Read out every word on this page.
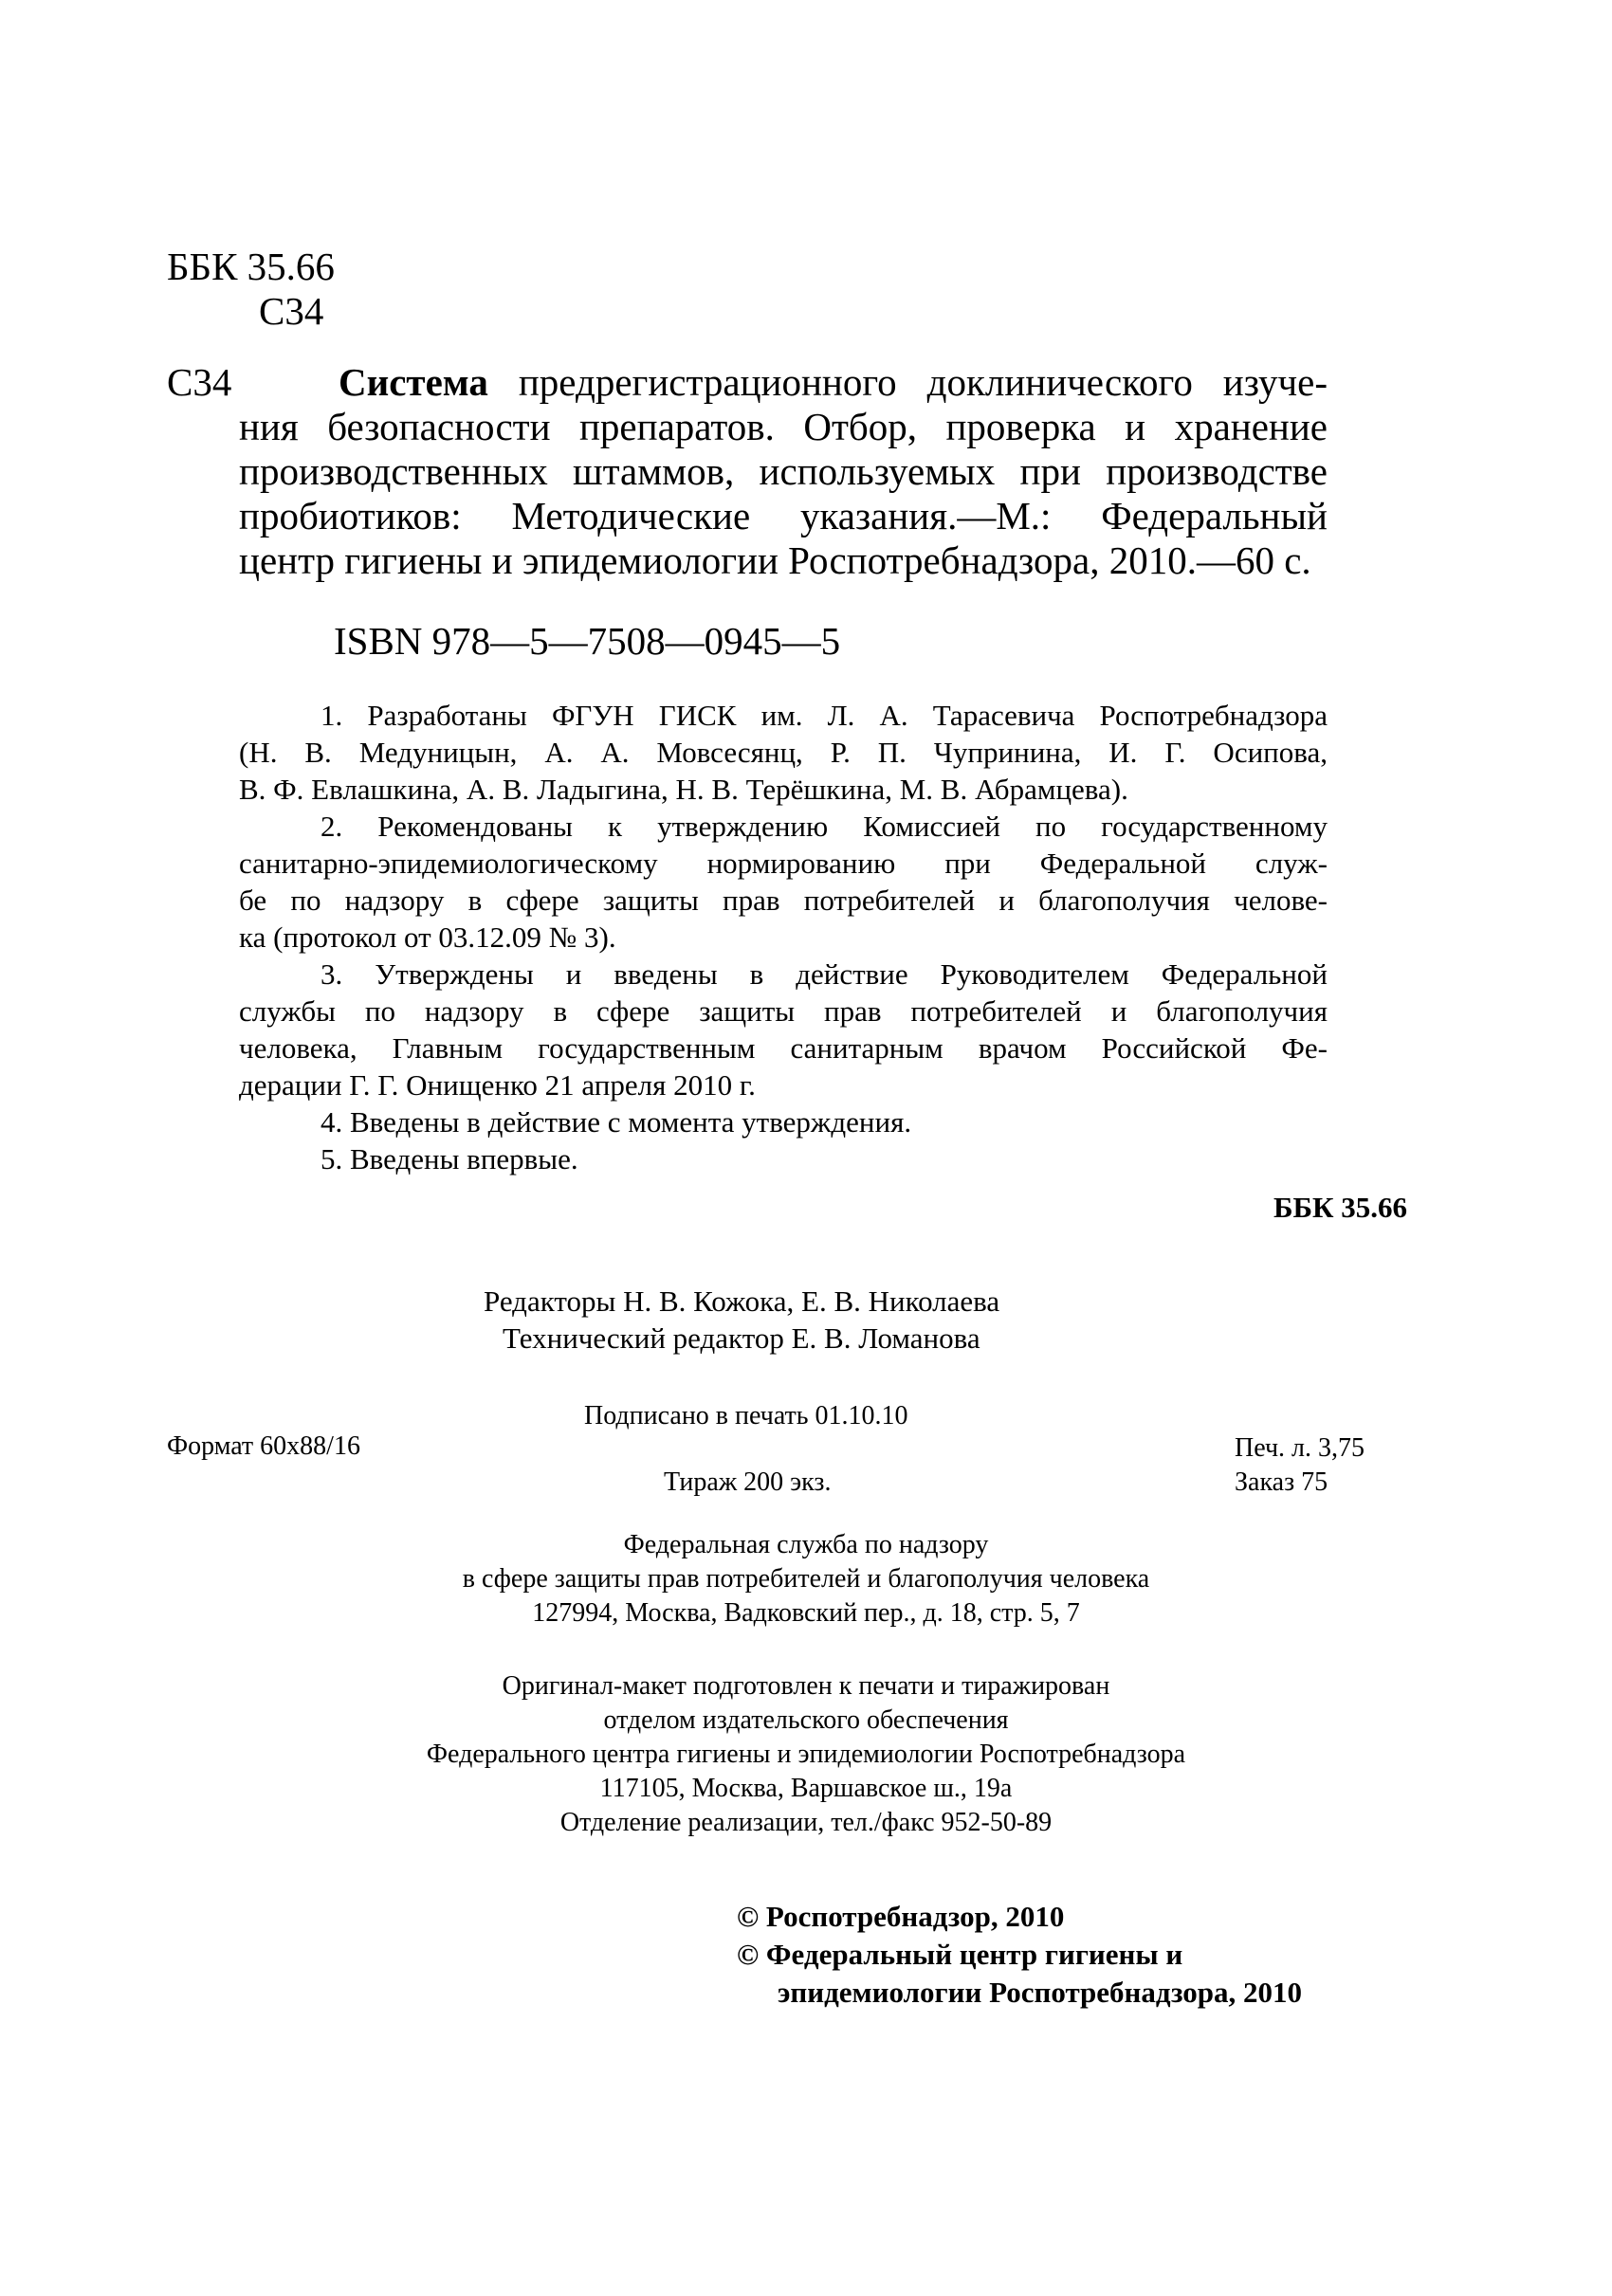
ББК 35.66
С34
С34	Система предрегистрационного доклинического изуче-
ния безопасности препаратов. Отбор, проверка и хранение
производственных штаммов, используемых при производстве
пробиотиков: Методические указания.—М.: Федеральный
центр гигиены и эпидемиологии Роспотребнадзора, 2010.—60 с.
ISBN 978—5—7508—0945—5
1. Разработаны ФГУН ГИСК им. Л. А. Тарасевича Роспотребнадзора
(Н. В. Медуницын, А. А. Мовсесянц, Р. П. Чупринина, И. Г. Осипова,
В. Ф. Евлашкина, А. В. Ладыгина, Н. В. Терёшкина, М. В. Абрамцева).
2. Рекомендованы к утверждению Комиссией по государственному
санитарно-эпидемиологическому нормированию при Федеральной служ-
бе по надзору в сфере защиты прав потребителей и благополучия челове-
ка (протокол от 03.12.09 № 3).
3. Утверждены и введены в действие Руководителем Федеральной
службы по надзору в сфере защиты прав потребителей и благополучия
человека, Главным государственным санитарным врачом Российской Фе-
дерации Г. Г. Онищенко 21 апреля 2010 г.
4. Введены в действие с момента утверждения.
5. Введены впервые.
ББК 35.66
Редакторы Н. В. Кожока, Е. В. Николаева
Технический редактор Е. В. Ломанова
Подписано в печать 01.10.10
Формат 60х88/16	Печ. л. 3,75
Тираж 200 экз.	Заказ 75
Федеральная служба по надзору
в сфере защиты прав потребителей и благополучия человека
127994, Москва, Вадковский пер., д. 18, стр. 5, 7
Оригинал-макет подготовлен к печати и тиражирован
отделом издательского обеспечения
Федерального центра гигиены и эпидемиологии Роспотребнадзора
117105, Москва, Варшавское ш., 19а
Отделение реализации, тел./факс 952-50-89
© Роспотребнадзор, 2010
© Федеральный центр гигиены и
эпидемиологии Роспотребнадзора, 2010
